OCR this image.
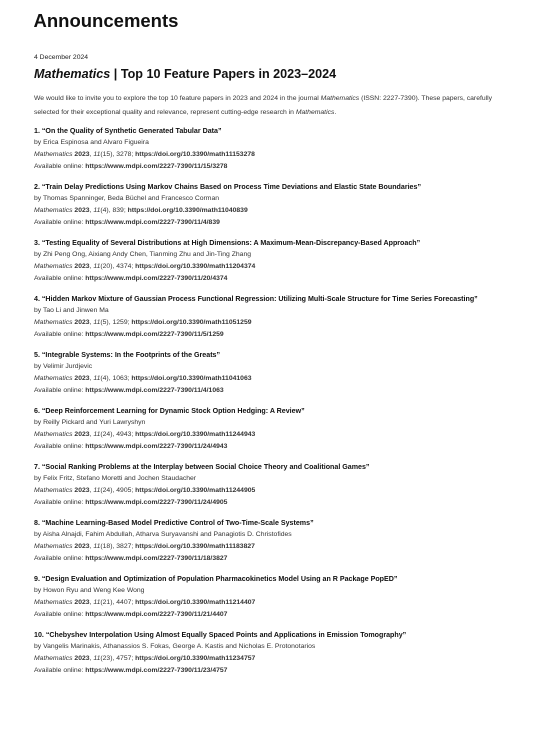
Announcements
4 December 2024
Mathematics | Top 10 Feature Papers in 2023–2024
We would like to invite you to explore the top 10 feature papers in 2023 and 2024 in the journal Mathematics (ISSN: 2227-7390). These papers, carefully selected for their exceptional quality and relevance, represent cutting-edge research in Mathematics.
1. “On the Quality of Synthetic Generated Tabular Data”
by Erica Espinosa and Alvaro Figueira
Mathematics 2023, 11(15), 3278; https://doi.org/10.3390/math11153278
Available online: https://www.mdpi.com/2227-7390/11/15/3278
2. “Train Delay Predictions Using Markov Chains Based on Process Time Deviations and Elastic State Boundaries”
by Thomas Spanninger, Beda Büchel and Francesco Corman
Mathematics 2023, 11(4), 839; https://doi.org/10.3390/math11040839
Available online: https://www.mdpi.com/2227-7390/11/4/839
3. “Testing Equality of Several Distributions at High Dimensions: A Maximum-Mean-Discrepancy-Based Approach”
by Zhi Peng Ong, Aixiang Andy Chen, Tianming Zhu and Jin-Ting Zhang
Mathematics 2023, 11(20), 4374; https://doi.org/10.3390/math11204374
Available online: https://www.mdpi.com/2227-7390/11/20/4374
4. “Hidden Markov Mixture of Gaussian Process Functional Regression: Utilizing Multi-Scale Structure for Time Series Forecasting”
by Tao Li and Jinwen Ma
Mathematics 2023, 11(5), 1259; https://doi.org/10.3390/math11051259
Available online: https://www.mdpi.com/2227-7390/11/5/1259
5. “Integrable Systems: In the Footprints of the Greats”
by Velimir Jurdjevic
Mathematics 2023, 11(4), 1063; https://doi.org/10.3390/math11041063
Available online: https://www.mdpi.com/2227-7390/11/4/1063
6. “Deep Reinforcement Learning for Dynamic Stock Option Hedging: A Review”
by Reilly Pickard and Yuri Lawryshyn
Mathematics 2023, 11(24), 4943; https://doi.org/10.3390/math11244943
Available online: https://www.mdpi.com/2227-7390/11/24/4943
7. “Social Ranking Problems at the Interplay between Social Choice Theory and Coalitional Games”
by Felix Fritz, Stefano Moretti and Jochen Staudacher
Mathematics 2023, 11(24), 4905; https://doi.org/10.3390/math11244905
Available online: https://www.mdpi.com/2227-7390/11/24/4905
8. “Machine Learning-Based Model Predictive Control of Two-Time-Scale Systems”
by Aisha Alnajdi, Fahim Abdullah, Atharva Suryavanshi and Panagiotis D. Christofides
Mathematics 2023, 11(18), 3827; https://doi.org/10.3390/math11183827
Available online: https://www.mdpi.com/2227-7390/11/18/3827
9. “Design Evaluation and Optimization of Population Pharmacokinetics Model Using an R Package PopED”
by Howon Ryu and Weng Kee Wong
Mathematics 2023, 11(21), 4407; https://doi.org/10.3390/math11214407
Available online: https://www.mdpi.com/2227-7390/11/21/4407
10. “Chebyshev Interpolation Using Almost Equally Spaced Points and Applications in Emission Tomography”
by Vangelis Marinakis, Athanassios S. Fokas, George A. Kastis and Nicholas E. Protonotarios
Mathematics 2023, 11(23), 4757; https://doi.org/10.3390/math11234757
Available online: https://www.mdpi.com/2227-7390/11/23/4757
